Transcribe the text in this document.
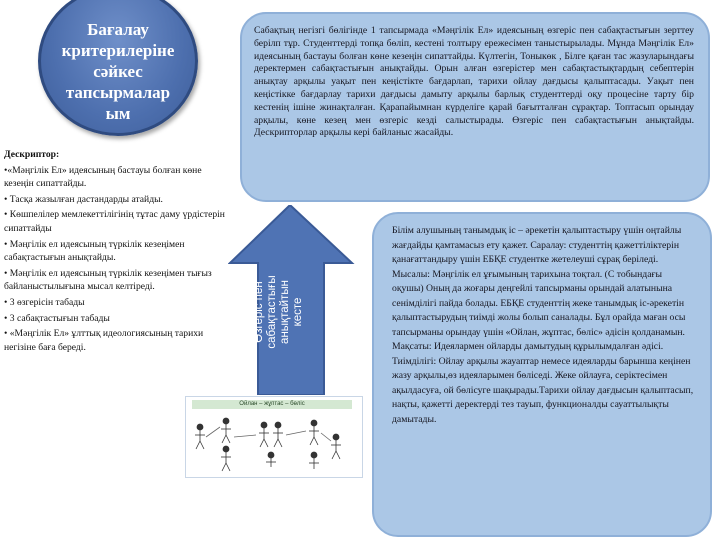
Бағалау критерилеріне сәйкес тапсырмалар ым
Дескриптор:
•«Мәңгілік Ел» идеясының бастауы болған көне кезеңін сипаттайды.
• Тасқа жазылған дастандарды атайды.
• Көшпелілер мемлекеттілігінің тұтас даму үрдістерін сипаттайды
• Мәңгілік ел идеясының түркілік кезеңімен сабақтастығын анықтайды.
• Мәңгілік ел идеясының түркілік кезеңімен тығыз байланыстылығына мысал келтіреді.
• 3 өзгерісін табады
• 3 сабақтастығын табады
• «Мәңгілік Ел» ұлттық идеологиясының тарихи негізіне баға береді.
Сабақтың негізгі бөлігінде 1 тапсырмада «Мәңгілік Ел» идеясының өзгеріс пен сабақтастығын зерттеу берілп тұр. Студенттерді топқа бөліп, кестені толтыру ережесімен таныстырылады. Мұнда Мәңгілік Ел» идеясының бастауы болған көне кезеңін сипаттайды. Күлтегін, Тоныкөк , Білге қаған тас жазуларындағы деректермен сабақтастығын анықтайды. Орын алған өзгерістер мен сабақтастықтардың себептерін анықтау арқылы уақыт пен кеңістікте бағдарлап, тарихи ойлау дағдысы қалыптасады. Уақыт пен кеңістікке бағдарлау тарихи дағдысы дамыту арқылы барлық студенттерді оқу процесіне тарту бір кестенің ішіне жинақталған. Қарапайымнан күрделіге қарай бағытталған сұрақтар. Топтасып орындау арқылы, көне кезең мен өзгеріс кезді салыстырады. Өзгеріс пен сабақтастығын анықтайды. Дескрипторлар арқылы кері байланыс жасайды.
Өзгеріс пен
сабақтастығы
анықтайтын
кесте
Ойлан – жұптас – бөліс
Білім алушының танымдық іс – әрекетін қалыптастыру үшін оңтайлы жағдайды қамтамасыз ету қажет. Саралау: студенттің қажеттіліктерін қанағаттандыру үшін ЕБҚЕ студентке жетелеуші сұрақ беріледі. Мысалы: Мәңгілік ел ұғымының тарихына тоқтал. (С тобындағы оқушы) Оның да жоғары деңгейлі тапсырманы орындай алатынына сенімділігі пайда болады. ЕБҚЕ студенттің жеке танымдық іс-әрекетін қалыптастырудың тиімді жолы болып саналады. Бұл орайда маған осы тапсырманы орындау үшін «Ойлан, жұптас, бөліс» әдісін қолданамын. Мақсаты: Идеялармен ойларды дамытудың құрылымдалған әдісі. Тиімділігі: Ойлау арқылы жауаптар немесе идеяларды барынша кеңінен жазу арқылы,өз идеяларымен бөліседі. Жеке ойлауға, серіктесімен ақылдасуға, ой бөлісуге шақырады.Тарихи ойлау дағдысын қалыптасып, нақты, қажетті деректерді тез тауып, функционалды сауаттылықты дамытады.
